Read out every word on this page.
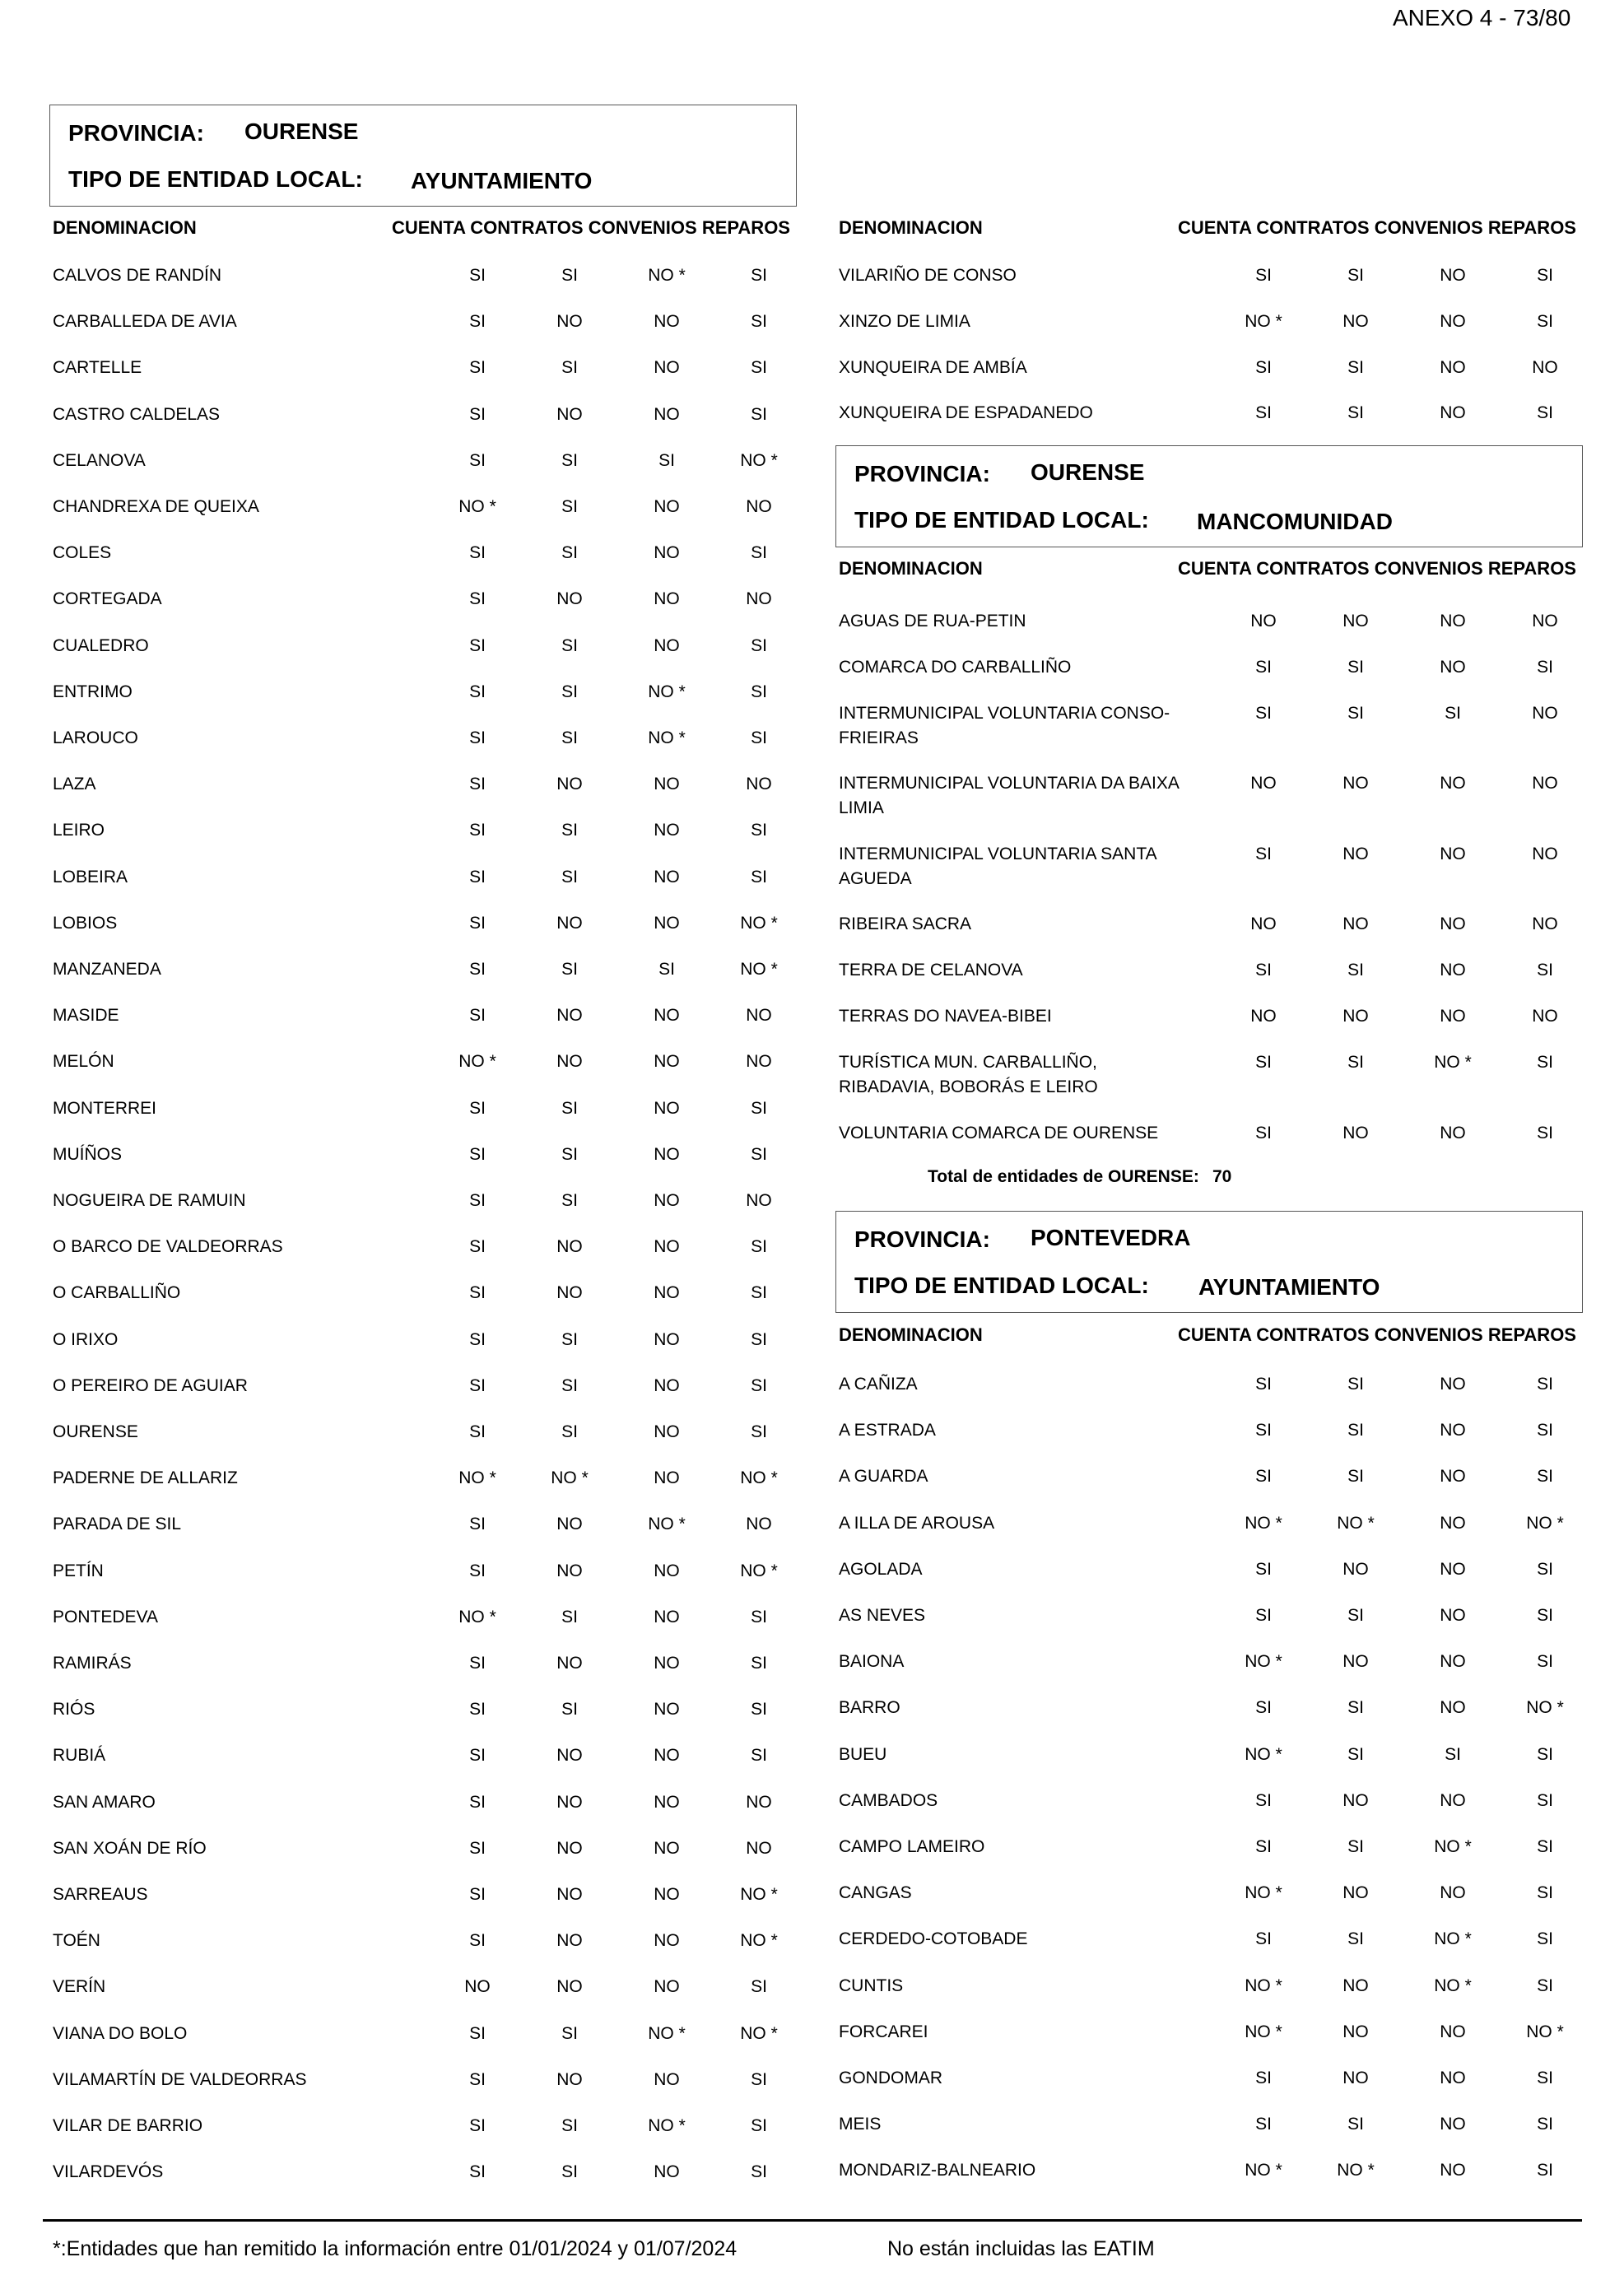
ANEXO 4 - 73/80
PROVINCIA: OURENSE
TIPO DE ENTIDAD LOCAL: AYUNTAMIENTO
DENOMINACION	CUENTA CONTRATOS CONVENIOS REPAROS
CALVOS DE RANDÍN	SI	SI	NO *	SI
CARBALLEDA DE AVIA	SI	NO	NO	SI
CARTELLE	SI	SI	NO	SI
CASTRO CALDELAS	SI	NO	NO	SI
CELANOVA	SI	SI	SI	NO *
CHANDREXA DE QUEIXA	NO *	SI	NO	NO
COLES	SI	SI	NO	SI
CORTEGADA	SI	NO	NO	NO
CUALEDRO	SI	SI	NO	SI
ENTRIMO	SI	SI	NO *	SI
LAROUCO	SI	SI	NO *	SI
LAZA	SI	NO	NO	NO
LEIRO	SI	SI	NO	SI
LOBEIRA	SI	SI	NO	SI
LOBIOS	SI	NO	NO	NO *
MANZANEDA	SI	SI	SI	NO *
MASIDE	SI	NO	NO	NO
MELÓN	NO *	NO	NO	NO
MONTERREI	SI	SI	NO	SI
MUÍÑOS	SI	SI	NO	SI
NOGUEIRA DE RAMUIN	SI	SI	NO	NO
O BARCO DE VALDEORRAS	SI	NO	NO	SI
O CARBALLIÑO	SI	NO	NO	SI
O IRIXO	SI	SI	NO	SI
O PEREIRO DE AGUIAR	SI	SI	NO	SI
OURENSE	SI	SI	NO	SI
PADERNE DE ALLARIZ	NO *	NO *	NO	NO *
PARADA DE SIL	SI	NO	NO *	NO
PETÍN	SI	NO	NO	NO *
PONTEDEVA	NO *	SI	NO	SI
RAMIRÁS	SI	NO	NO	SI
RIÓS	SI	SI	NO	SI
RUBIÁ	SI	NO	NO	SI
SAN AMARO	SI	NO	NO	NO
SAN XOÁN DE RÍO	SI	NO	NO	NO
SARREAUS	SI	NO	NO	NO *
TOÉN	SI	NO	NO	NO *
VERÍN	NO	NO	NO	SI
VIANA DO BOLO	SI	SI	NO *	NO *
VILAMARTÍN DE VALDEORRAS	SI	NO	NO	SI
VILAR DE BARRIO	SI	SI	NO *	SI
VILARDEVÓS	SI	SI	NO	SI
DENOMINACION	CUENTA CONTRATOS CONVENIOS REPAROS
VILARIÑO DE CONSO	SI	SI	NO	SI
XINZO DE LIMIA	NO *	NO	NO	SI
XUNQUEIRA DE AMBÍA	SI	SI	NO	NO
XUNQUEIRA DE ESPADANEDO	SI	SI	NO	SI
PROVINCIA: OURENSE
TIPO DE ENTIDAD LOCAL: MANCOMUNIDAD
DENOMINACION	CUENTA CONTRATOS CONVENIOS REPAROS
AGUAS DE RUA-PETIN	NO	NO	NO	NO
COMARCA DO CARBALLIÑO	SI	SI	NO	SI
INTERMUNICIPAL VOLUNTARIA CONSO-FRIEIRAS
SI	SI	SI	NO
INTERMUNICIPAL VOLUNTARIA DA BAIXA LIMIA
NO	NO	NO	NO
INTERMUNICIPAL VOLUNTARIA SANTA AGUEDA
SI	NO	NO	NO
RIBEIRA SACRA	NO	NO	NO	NO
TERRA DE CELANOVA	SI	SI	NO	SI
TERRAS DO NAVEA-BIBEI	NO	NO	NO	NO
TURÍSTICA MUN. CARBALLIÑO, RIBADAVIA, BOBORÁS E LEIRO
SI	SI	NO *	SI
VOLUNTARIA COMARCA DE OURENSE	SI	NO	NO	SI
Total de entidades de OURENSE: 70
PROVINCIA: PONTEVEDRA
TIPO DE ENTIDAD LOCAL: AYUNTAMIENTO
DENOMINACION	CUENTA CONTRATOS CONVENIOS REPAROS
A CAÑIZA	SI	SI	NO	SI
A ESTRADA	SI	SI	NO	SI
A GUARDA	SI	SI	NO	SI
A ILLA DE AROUSA	NO *	NO *	NO	NO *
AGOLADA	SI	NO	NO	SI
AS NEVES	SI	SI	NO	SI
BAIONA	NO *	NO	NO	SI
BARRO	SI	SI	NO	NO *
BUEU	NO *	SI	SI	SI
CAMBADOS	SI	NO	NO	SI
CAMPO LAMEIRO	SI	SI	NO *	SI
CANGAS	NO *	NO	NO	SI
CERDEDO-COTOBADE	SI	SI	NO *	SI
CUNTIS	NO *	NO	NO *	SI
FORCAREI	NO *	NO	NO	NO *
GONDOMAR	SI	NO	NO	SI
MEIS	SI	SI	NO	SI
MONDARIZ-BALNEARIO	NO *	NO *	NO	SI
*:Entidades que han remitido la información entre 01/01/2024 y 01/07/2024	No están incluidas las EATIM
